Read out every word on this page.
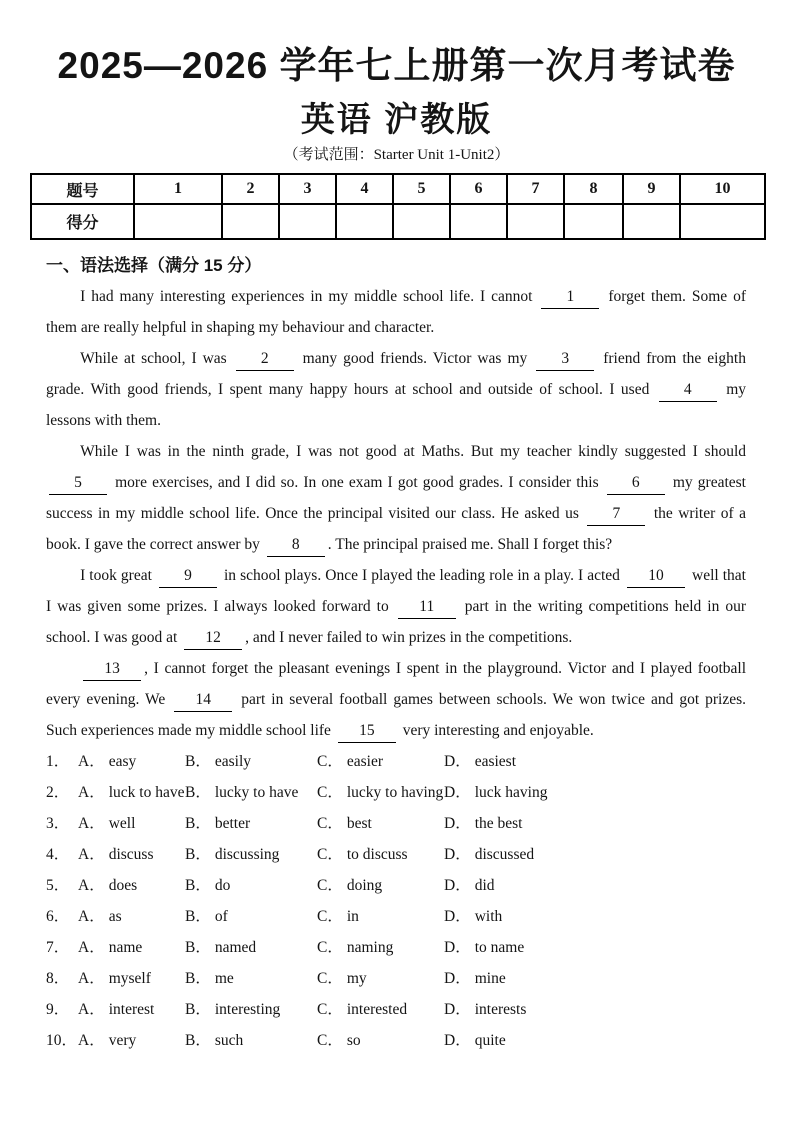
2025—2026 学年七上册第一次月考试卷
英语 沪教版
（考试范围：Starter Unit 1-Unit2）
题号	1	2	3	4	5	6	7	8	9	10
得分										
一、语法选择（满分 15 分）

I had many interesting experiences in my middle school life. I cannot 1 forget them. Some of them are really helpful in shaping my behaviour and character.

While at school, I was 2 many good friends. Victor was my 3 friend from the eighth grade. With good friends, I spent many happy hours at school and outside of school. I used 4 my lessons with them.

While I was in the ninth grade, I was not good at Maths. But my teacher kindly suggested I should 5 more exercises, and I did so. In one exam I got good grades. I consider this 6 my greatest success in my middle school life. Once the principal visited our class. He asked us 7 the writer of a book. I gave the correct answer by 8 . The principal praised me. Shall I forget this?

I took great 9 in school plays. Once I played the leading role in a play. I acted 10 well that I was given some prizes. I always looked forward to 11 part in the writing competitions held in our school. I was good at 12 , and I never failed to win prizes in the competitions.

13 , I cannot forget the pleasant evenings I spent in the playground. Victor and I played football every evening. We 14 part in several football games between schools. We won twice and got prizes. Such experiences made my middle school life 15 very interesting and enjoyable.

1． A． easy	B． easily	C． easier	D． easiest
2． A． luck to have B． lucky to have C． lucky to having D． luck having
3． A． well	B． better	C． best	D． the best
4． A． discuss B． discussing C． to discuss D． discussed
5． A． does	B． do	C． doing	D． did
6． A． as	B． of	C． in	D． with
7． A． name	B． named	C． naming	D． to name
8． A． myself B． me	C． my	D． mine
9． A． interest B． interesting C． interested D． interests
10． A． very	B． such	C． so	D． quite
